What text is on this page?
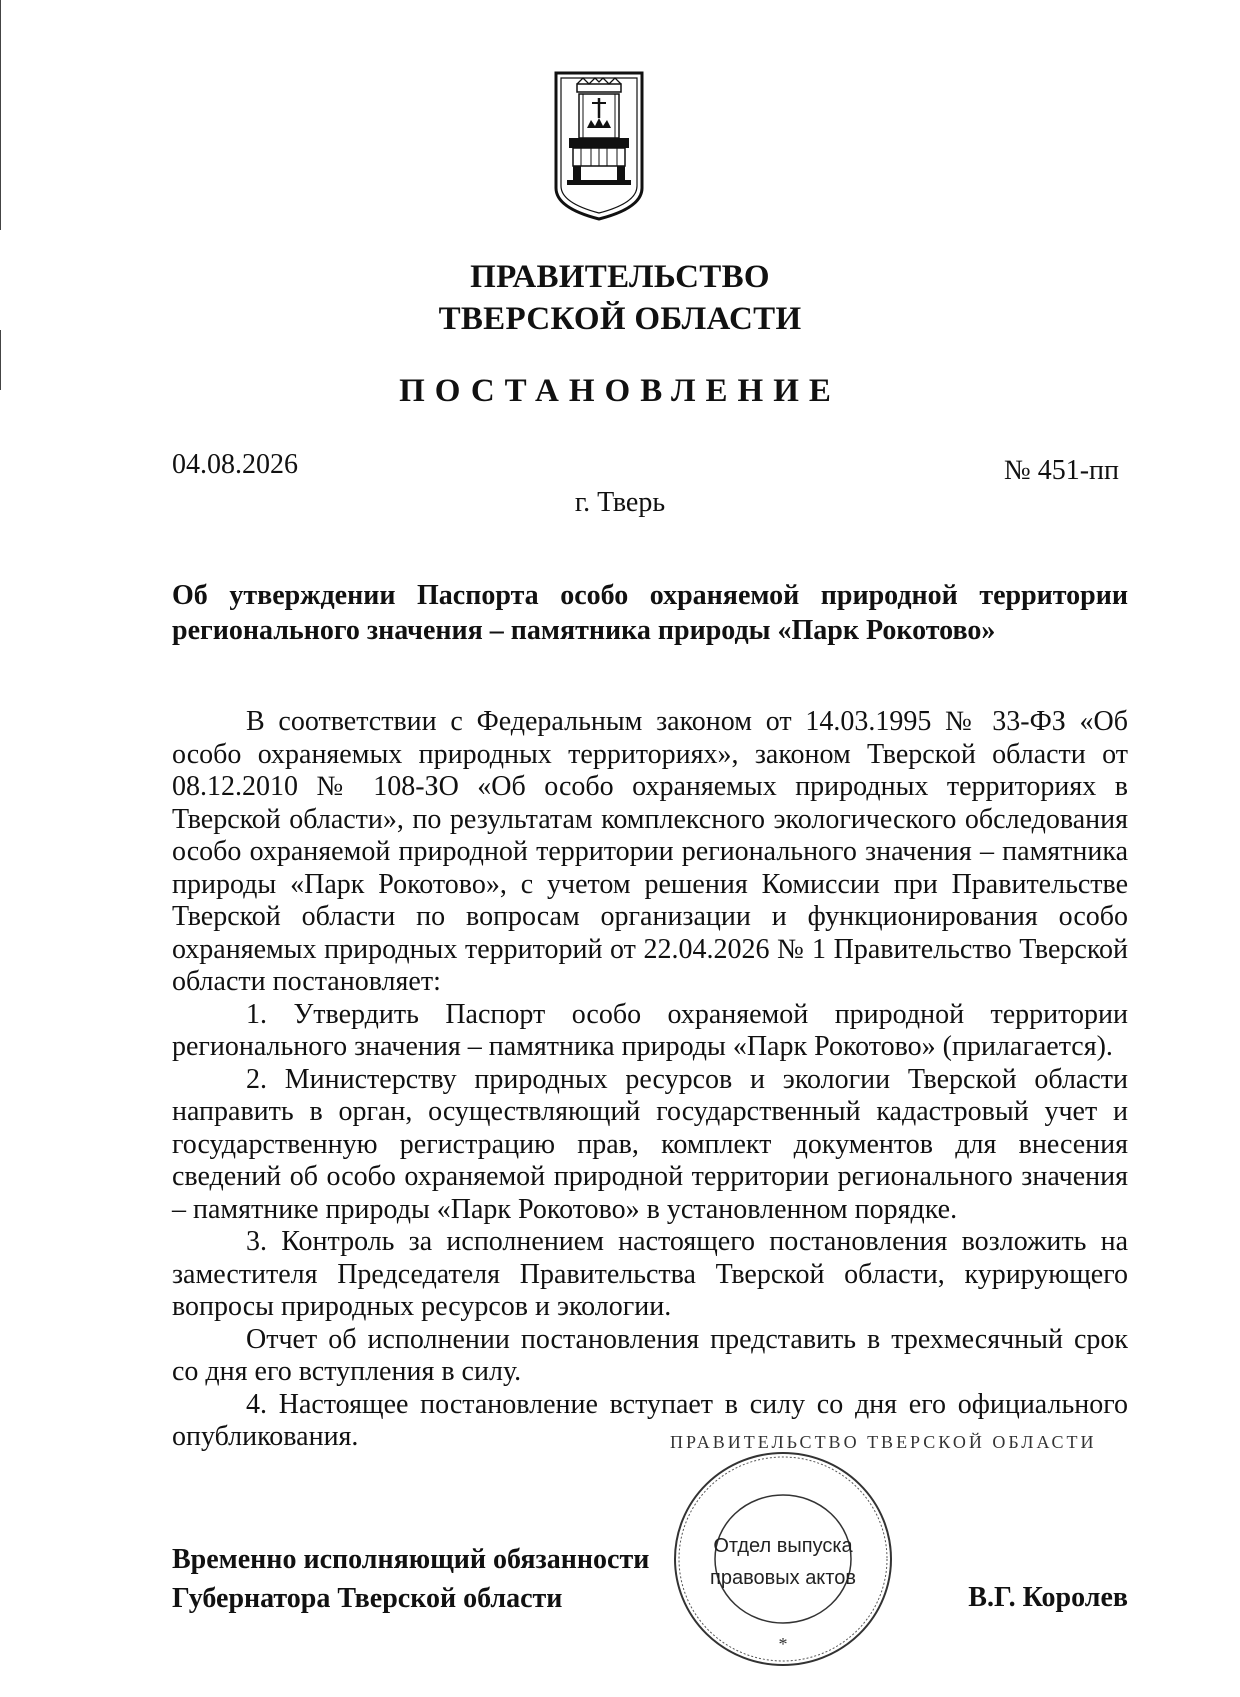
ПРАВИТЕЛЬСТВО
ТВЕРСКОЙ ОБЛАСТИ
ПОСТАНОВЛЕНИЕ
04.08.2026	№ 451-пп
г. Тверь
Об утверждении Паспорта особо охраняемой природной территории регионального значения – памятника природы «Парк Рокотово»

В соответствии с Федеральным законом от 14.03.1995 № 33-ФЗ «Об особо охраняемых природных территориях», законом Тверской области от 08.12.2010 № 108-ЗО «Об особо охраняемых природных территориях в Тверской области», по результатам комплексного экологического обследования особо охраняемой природной территории регионального значения – памятника природы «Парк Рокотово», с учетом решения Комиссии при Правительстве Тверской области по вопросам организации и функционирования особо охраняемых природных территорий от 22.04.2026 № 1 Правительство Тверской области постановляет:

1. Утвердить Паспорт особо охраняемой природной территории регионального значения – памятника природы «Парк Рокотово» (прилагается).

2. Министерству природных ресурсов и экологии Тверской области направить в орган, осуществляющий государственный кадастровый учет и государственную регистрацию прав, комплект документов для внесения сведений об особо охраняемой природной территории регионального значения – памятнике природы «Парк Рокотово» в установленном порядке.

3. Контроль за исполнением настоящего постановления возложить на заместителя Председателя Правительства Тверской области, курирующего вопросы природных ресурсов и экологии.

Отчет об исполнении постановления представить в трехмесячный срок со дня его вступления в силу.

4. Настоящее постановление вступает в силу со дня его официального опубликования.

Временно исполняющий обязанности
Губернатора Тверской области	В.Г. Королев
ПРАВИТЕЛЬСТВО ТВЕРСКОЙ ОБЛАСТИ
*
Отдел выпуска
правовых актов
